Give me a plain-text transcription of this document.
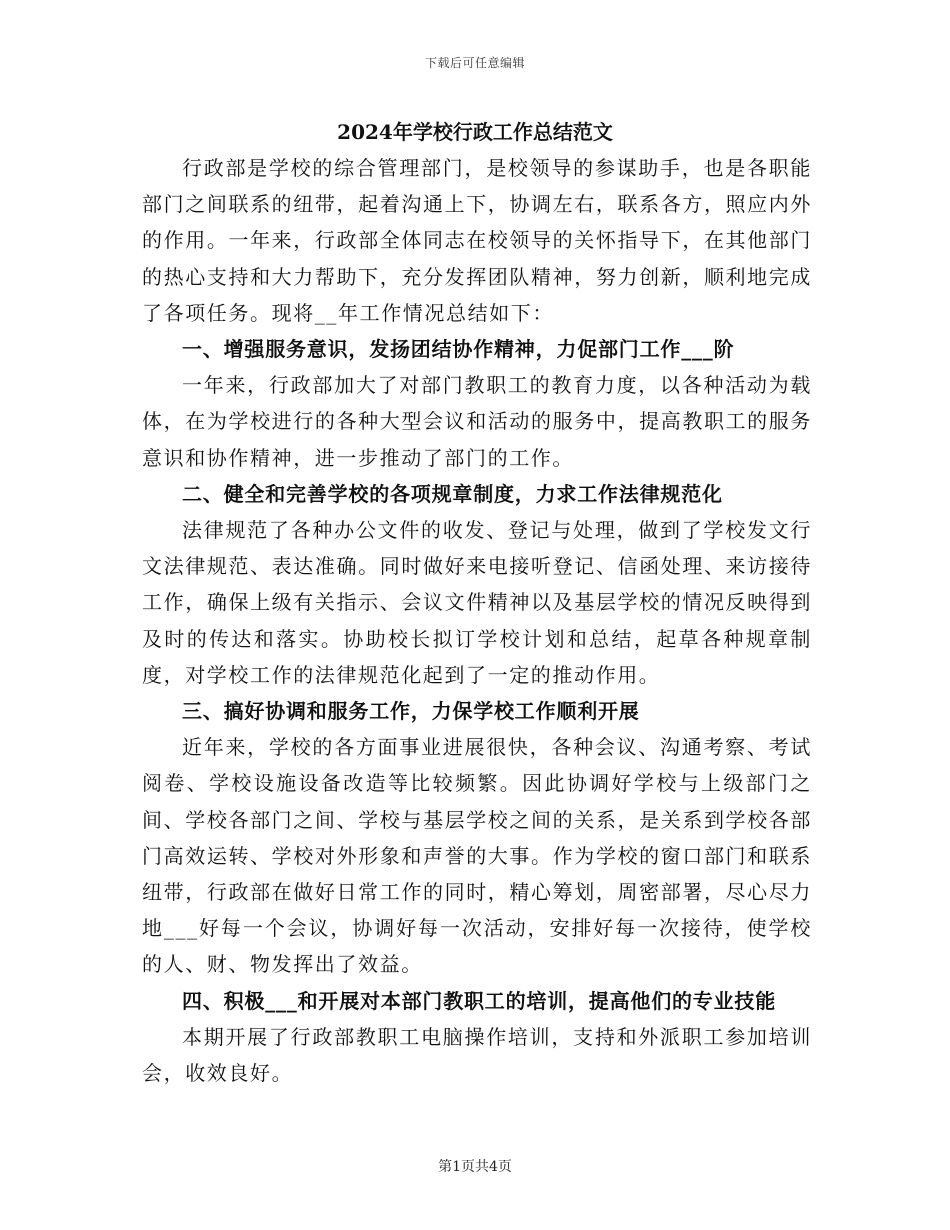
下载后可任意编辑
2024年学校行政工作总结范文

行政部是学校的综合管理部门，是校领导的参谋助手，也是各职能部门之间联系的纽带，起着沟通上下，协调左右，联系各方，照应内外的作用。一年来，行政部全体同志在校领导的关怀指导下，在其他部门的热心支持和大力帮助下，充分发挥团队精神，努力创新，顺利地完成了各项任务。现将__年工作情况总结如下：

一、增强服务意识，发扬团结协作精神，力促部门工作___阶

一年来，行政部加大了对部门教职工的教育力度，以各种活动为载体，在为学校进行的各种大型会议和活动的服务中，提高教职工的服务意识和协作精神，进一步推动了部门的工作。

二、健全和完善学校的各项规章制度，力求工作法律规范化

法律规范了各种办公文件的收发、登记与处理，做到了学校发文行文法律规范、表达准确。同时做好来电接听登记、信函处理、来访接待工作，确保上级有关指示、会议文件精神以及基层学校的情况反映得到及时的传达和落实。协助校长拟订学校计划和总结，起草各种规章制度，对学校工作的法律规范化起到了一定的推动作用。

三、搞好协调和服务工作，力保学校工作顺利开展

近年来，学校的各方面事业进展很快，各种会议、沟通考察、考试阅卷、学校设施设备改造等比较频繁。因此协调好学校与上级部门之间、学校各部门之间、学校与基层学校之间的关系，是关系到学校各部门高效运转、学校对外形象和声誉的大事。作为学校的窗口部门和联系纽带，行政部在做好日常工作的同时，精心筹划，周密部署，尽心尽力地___好每一个会议，协调好每一次活动，安排好每一次接待，使学校的人、财、物发挥出了效益。

四、积极___和开展对本部门教职工的培训，提高他们的专业技能

本期开展了行政部教职工电脑操作培训，支持和外派职工参加培训会，收效良好。

第1页共4页
